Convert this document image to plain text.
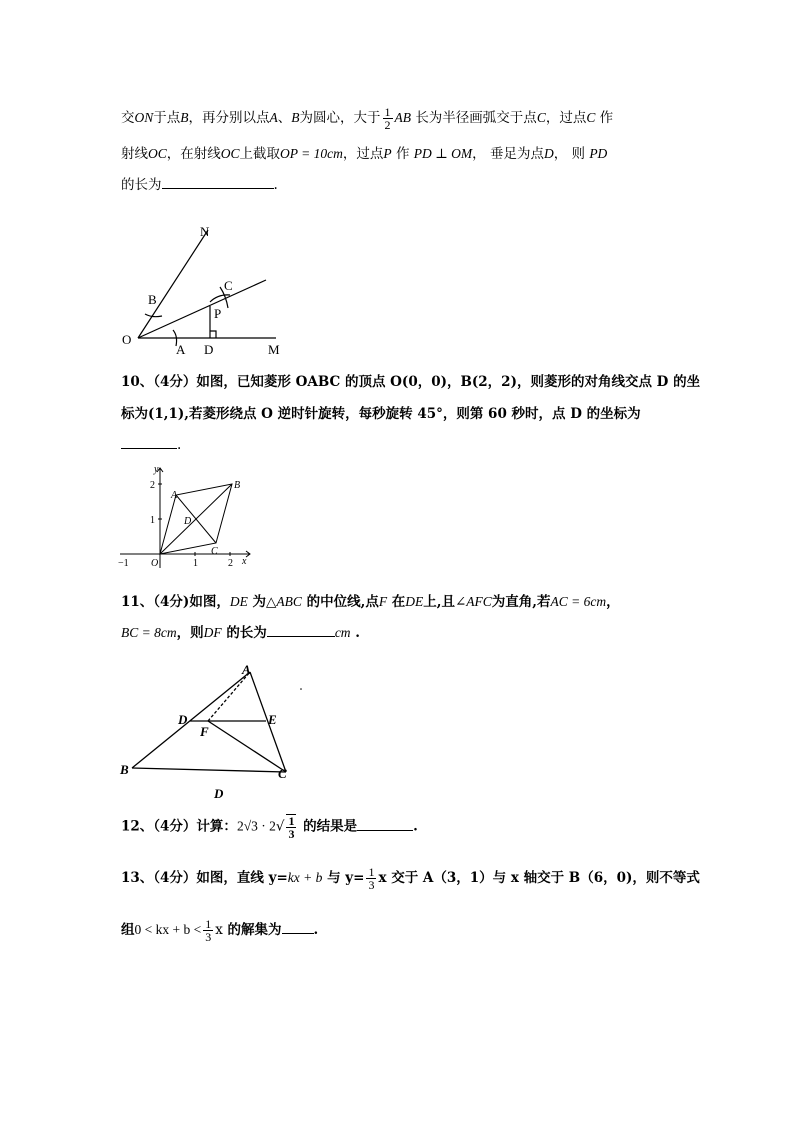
交ON于点B，再分别以点A、B为圆心，大于 $\frac{1}{2}$ AB 长为半径画弧交于点C，过点C 作
射线OC，在射线OC上截取OP = 10cm，过点P 作 PD ⊥ OM， 垂足为点D， 则 PD
的长为	.
N
B
C
P
O
A D	M
10、（4分）如图，已知菱形 OABC 的顶点 O(0，0)，B(2，2)，则菱形的对角线交点 D 的坐
标为(1,1),若菱形绕点 O 逆时针旋转，每秒旋转 45°，则第 60 秒时，点 D 的坐标为
.
y
x
A
B
C
D
O
2
1
1	2
−1
11、（4分)如图，DE 为△ABC 的中位线,点F 在DE上,且∠AFC为直角,若AC = 6cm，
BC = 8cm，则DF 的长为	cm .
A
D	E
F
B	C
D
12、（4分）计算：$2√3 \cdot 2√ \frac{1}{3}$ 的结果是	.
13、（4分）如图，直线 y=kx + b 与 $y= \frac{1}{3}$ x 交于 A（3，1）与 x 轴交于 B（6，0)，则不等式
组0 < kx + $b < \frac{1}{3}$ x 的解集为 .
